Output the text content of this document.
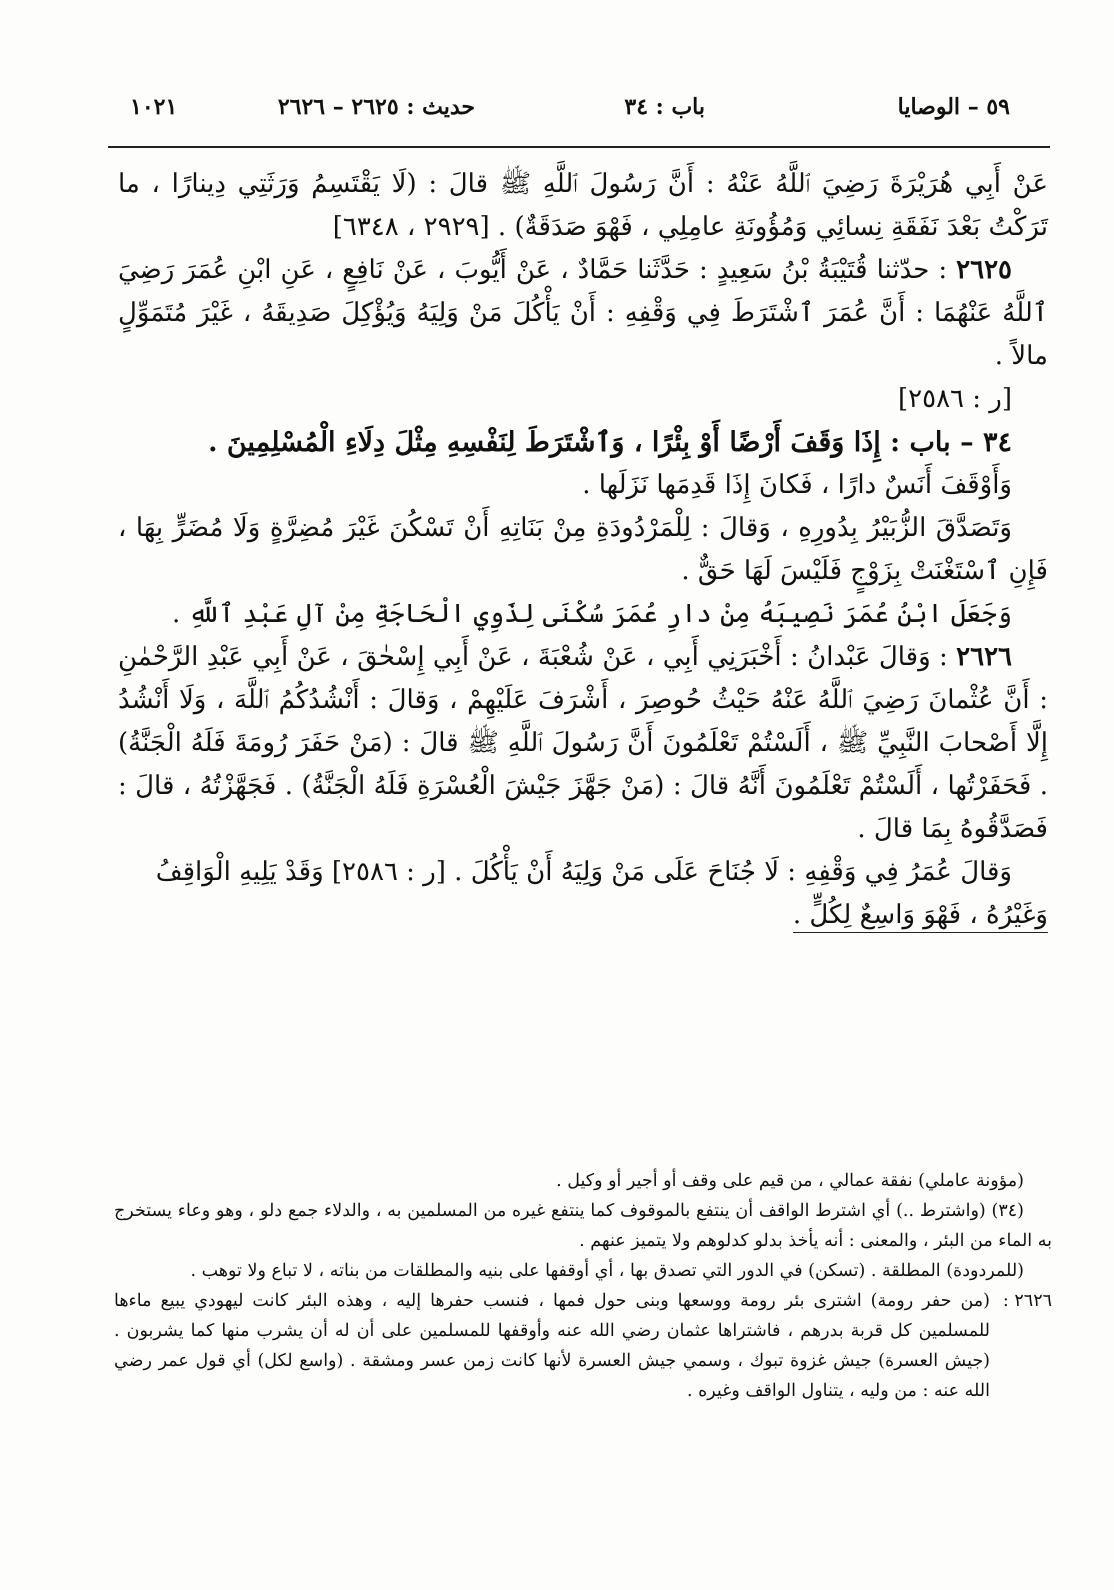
٥٩ – الوصايا
باب : ٣٤
حديث : ٢٦٢٥ – ٢٦٢٦
١٠٢١

عَنْ أَبِي هُرَيْرَةَ رَضِيَ ٱللَّهُ عَنْهُ : أَنَّ رَسُولَ ٱللَّهِ ﷺ قالَ : (لَا يَقْتَسِمُ وَرَثَتِي دِينارًا ، ما تَرَكْتُ بَعْدَ نَفَقَةِ نِسائِي وَمُؤُونَةِ عامِلِي ، فَهْوَ صَدَقَةٌ) . [٢٩٢٩ ، ٦٣٤٨]

٢٦٢٥ : حدّثنا قُتَيْبَةُ بْنُ سَعِيدٍ : حَدَّثَنا حَمَّادٌ ، عَنْ أَيُّوبَ ، عَنْ نَافِعٍ ، عَنِ ابْنِ عُمَرَ رَضِيَ ٱللَّهُ عَنْهُمَا : أَنَّ عُمَرَ ٱشْتَرَطَ فِي وَقْفِهِ : أَنْ يَأْكُلَ مَنْ وَلِيَهُ وَيُؤْكِلَ صَدِيقَهُ ، غَيْرَ مُتَمَوِّلٍ مالاً .

[ر : ٢٥٨٦]

٣٤ – باب : إِذَا وَقَفَ أَرْضًا أَوْ بِئْرًا ، وَٱشْتَرَطَ لِنَفْسِهِ مِثْلَ دِلَاءِ الْمُسْلِمِينَ .

وَأَوْقَفَ أَنَسٌ دارًا ، فَكانَ إِذَا قَدِمَها نَزَلَها .

وَتَصَدَّقَ الزُّبَيْرُ بِدُورِهِ ، وَقالَ : لِلْمَرْدُودَةِ مِنْ بَنَاتِهِ أَنْ تَسْكُنَ غَيْرَ مُضِرَّةٍ وَلَا مُضَرٍّ بِهَا ، فَإِنِ ٱسْتَغْنَتْ بِزَوْجٍ فَلَيْسَ لَهَا حَقٌّ .

وَجَعَلَ ابْنُ عُمَرَ نَصِيبَهُ مِنْ دارِ عُمَرَ سُكْنَى لِذَوِي الْحَاجَةِ مِنْ آلِ عَبْدِ ٱللَّهِ .

٢٦٢٦ : وَقالَ عَبْدانُ : أَخْبَرَنِي أَبِي ، عَنْ شُعْبَةَ ، عَنْ أَبِي إِسْحٰقَ ، عَنْ أَبِي عَبْدِ الرَّحْمٰنِ : أَنَّ عُثْمانَ رَضِيَ ٱللَّهُ عَنْهُ حَيْثُ حُوصِرَ ، أَشْرَفَ عَلَيْهِمْ ، وَقالَ : أَنْشُدُكُمُ ٱللَّهَ ، وَلَا أَنْشُدُ إِلَّا أَصْحابَ النَّبِيِّ ﷺ ، أَلَسْتُمْ تَعْلَمُونَ أَنَّ رَسُولَ ٱللَّهِ ﷺ قالَ : (مَنْ حَفَرَ رُومَةَ فَلَهُ الْجَنَّةُ) . فَحَفَرْتُها ، أَلَسْتُمْ تَعْلَمُونَ أَنَّهُ قالَ : (مَنْ جَهَّزَ جَيْشَ الْعُسْرَةِ فَلَهُ الْجَنَّةُ) . فَجَهَّزْتُهُ ، قالَ : فَصَدَّقُوهُ بِمَا قالَ .

وَقالَ عُمَرُ فِي وَقْفِهِ : لَا جُنَاحَ عَلَى مَنْ وَلِيَهُ أَنْ يَأْكُلَ . [ر : ٢٥٨٦] وَقَدْ يَلِيهِ الْوَاقِفُ

وَغَيْرُهُ ، فَهْوَ وَاسِعٌ لِكُلٍّ .

(مؤونة عاملي) نفقة عمالي ، من قيم على وقف أو أجير أو وكيل .

(٣٤) (واشترط ..) أي اشترط الواقف أن ينتفع بالموقوف كما ينتفع غيره من المسلمين به ، والدلاء جمع دلو ، وهو وعاء يستخرج به الماء من البئر ، والمعنى : أنه يأخذ بدلو كدلوهم ولا يتميز عنهم .

(للمردودة) المطلقة . (تسكن) في الدور التي تصدق بها ، أي أوقفها على بنيه والمطلقات من بناته ، لا تباع ولا توهب .

٢٦٢٦ :
(من حفر رومة) اشترى بئر رومة ووسعها وبنى حول فمها ، فنسب حفرها إليه ، وهذه البئر كانت ليهودي يبيع ماءها للمسلمين كل قربة بدرهم ، فاشتراها عثمان رضي الله عنه وأوقفها للمسلمين على أن له أن يشرب منها كما يشربون . (جيش العسرة) جيش غزوة تبوك ، وسمي جيش العسرة لأنها كانت زمن عسر ومشقة . (واسع لكل) أي قول عمر رضي الله عنه : من وليه ، يتناول الواقف وغيره .
